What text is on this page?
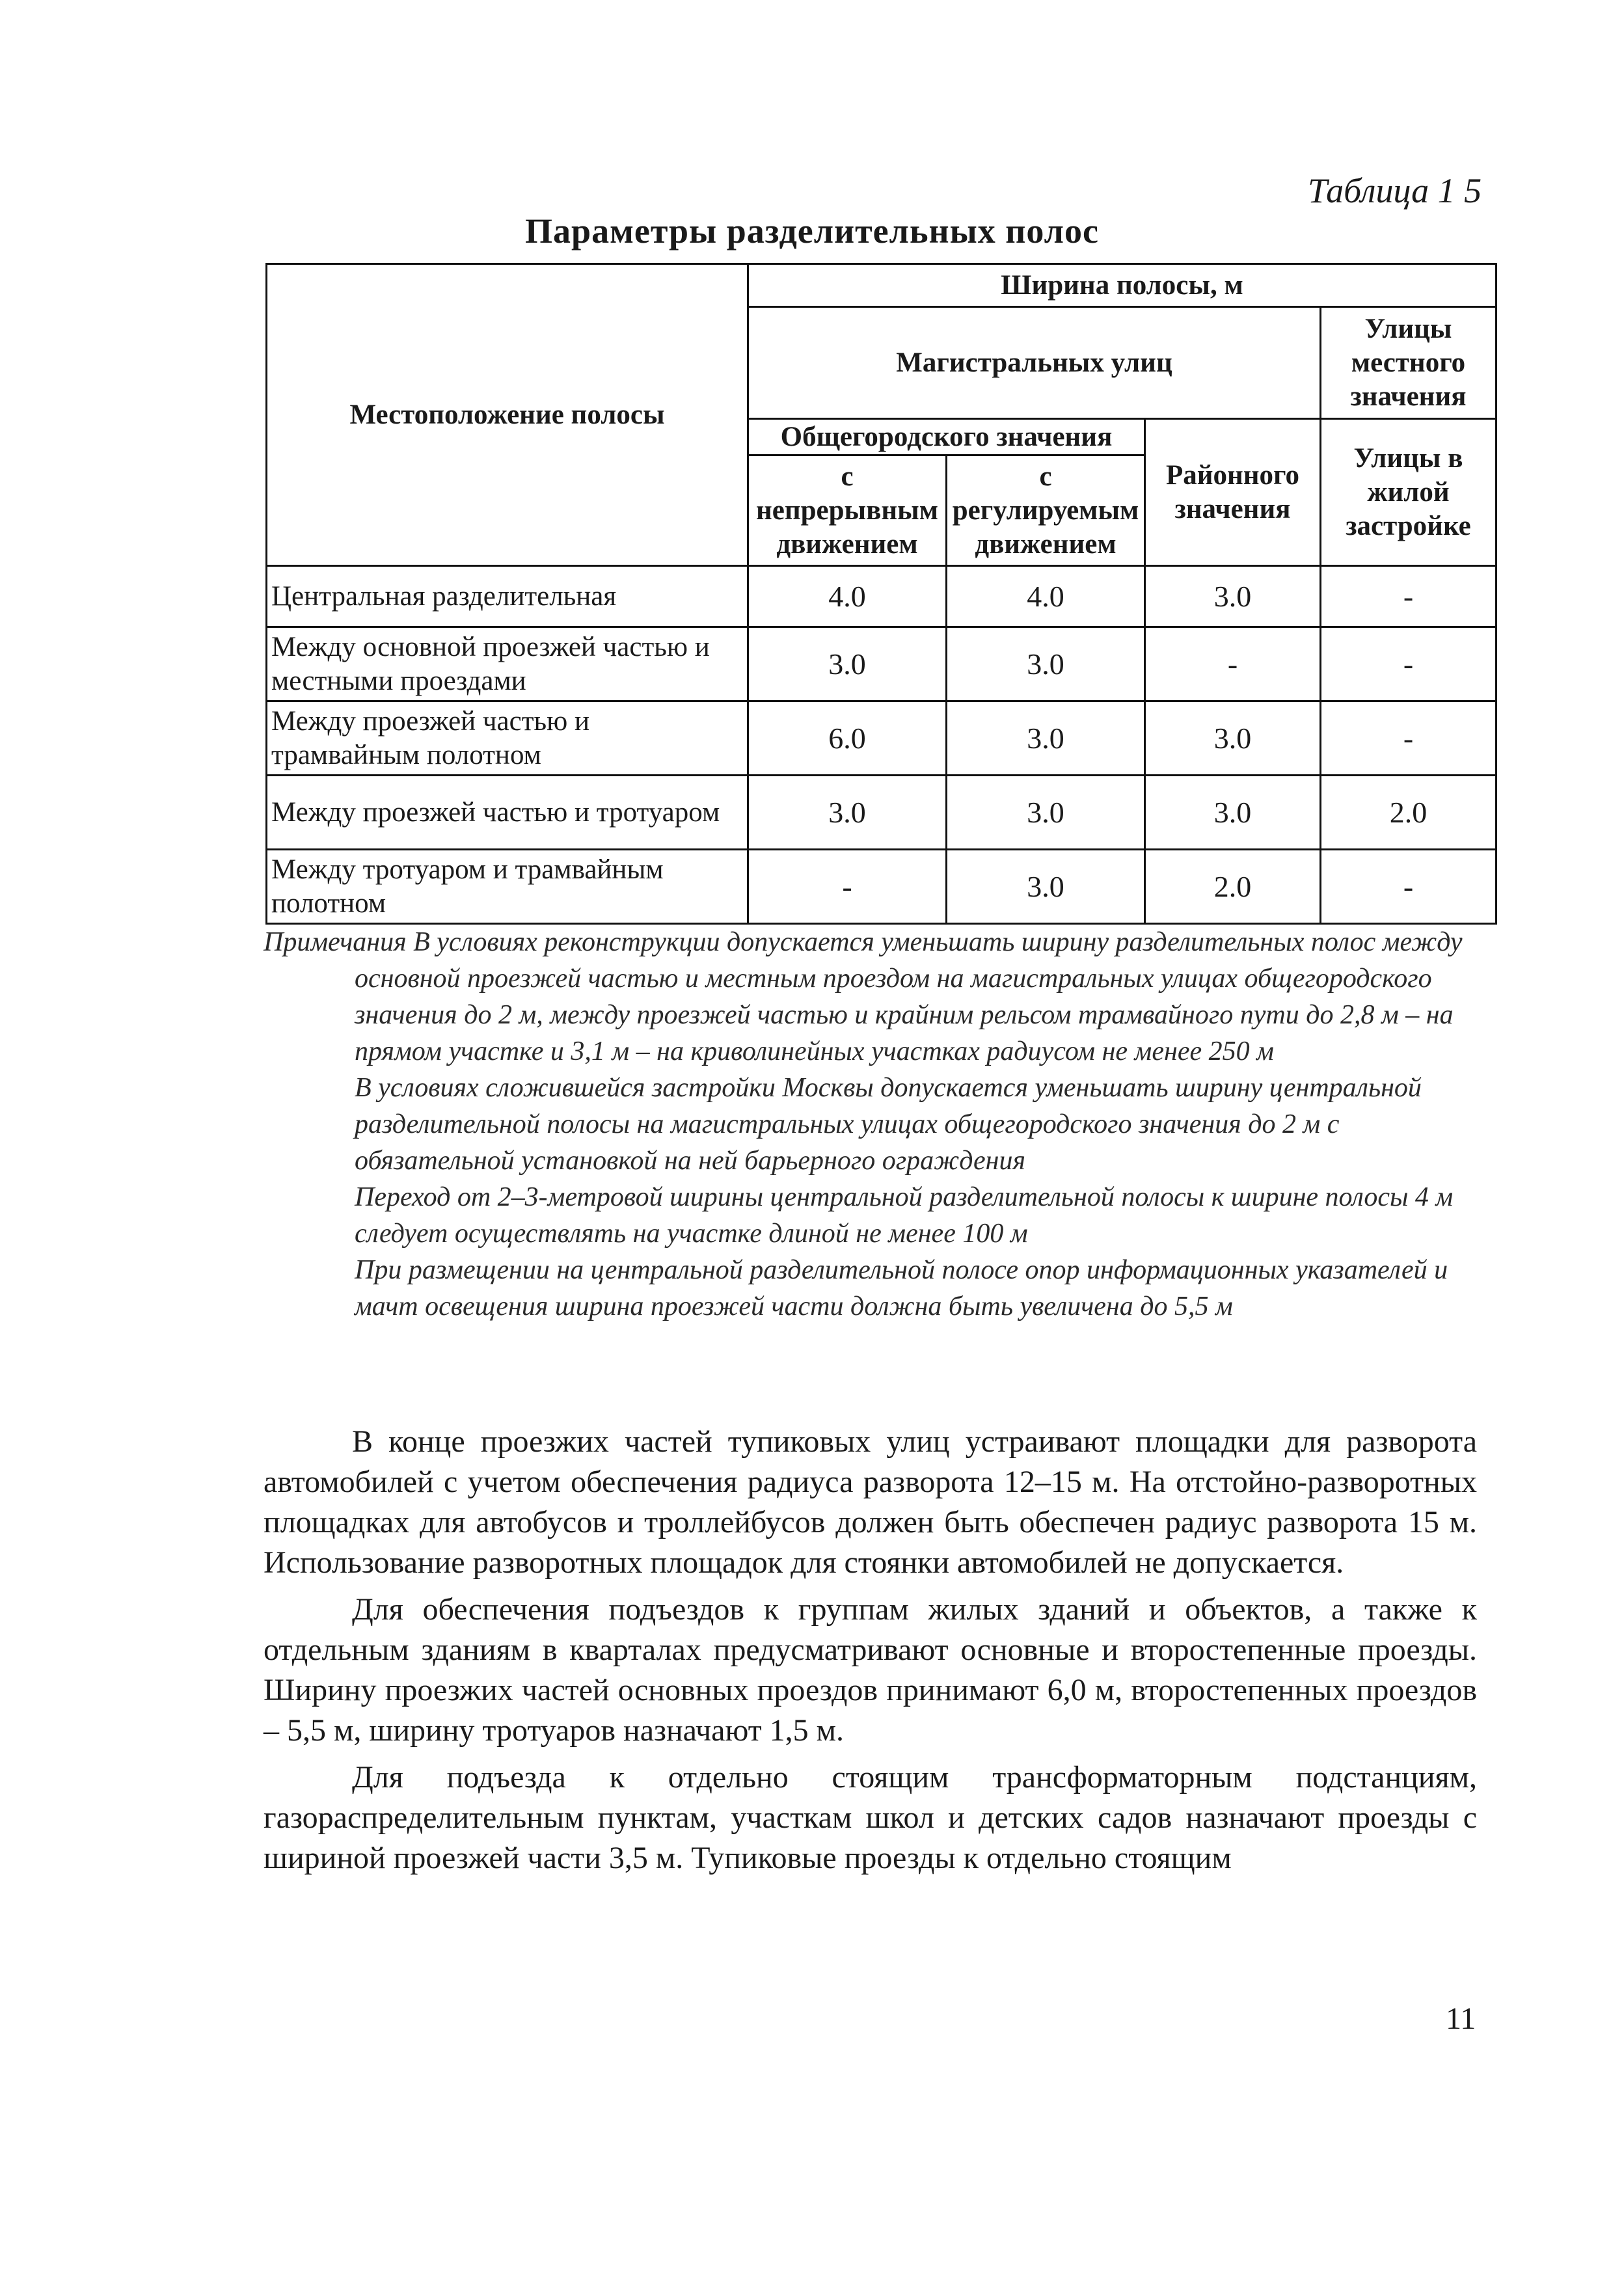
Таблица 1 5
Параметры разделительных полос
Местоположение полосы	Ширина полосы, м			
	Магистральных улиц			Улицы местного значения
	Общегородского значения		Районного значения	Улицы в жилой застройке
	с непрерывным движением	с регулируемым движением		
Центральная разделительная	4.0	4.0	3.0	-
Между основной проезжей частью и местными проездами	3.0	3.0	-	-
Между проезжей частью и трамвайным полотном	6.0	3.0	3.0	-
Между проезжей частью и тротуаром	3.0	3.0	3.0	2.0
Между тротуаром и трамвайным полотном	-	3.0	2.0	-

Примечания В условиях реконструкции допускается уменьшать ширину разделительных полос между основной проезжей частью и местным проездом на магистральных улицах общегородского значения до 2 м, между проезжей частью и крайним рельсом трамвайного пути до 2,8 м – на прямом участке и 3,1 м – на криволинейных участках радиусом не менее 250 м

В условиях сложившейся застройки Москвы допускается уменьшать ширину центральной разделительной полосы на магистральных улицах общегородского значения до 2 м с обязательной установкой на ней барьерного ограждения

Переход от 2–3-метровой ширины центральной разделительной полосы к ширине полосы 4 м следует осуществлять на участке длиной не менее 100 м

При размещении на центральной разделительной полосе опор информационных указателей и мачт освещения ширина проезжей части должна быть увеличена до 5,5 м

В конце проезжих частей тупиковых улиц устраивают площадки для разворота автомобилей с учетом обеспечения радиуса разворота 12–15 м. На отстойно-разворотных площадках для автобусов и троллейбусов должен быть обеспечен радиус разворота 15 м. Использование разворотных площадок для стоянки автомобилей не допускается.

Для обеспечения подъездов к группам жилых зданий и объектов, а также к отдельным зданиям в кварталах предусматривают основные и второстепенные проезды. Ширину проезжих частей основных проездов принимают 6,0 м, второстепенных проездов – 5,5 м, ширину тротуаров назначают 1,5 м.

Для подъезда к отдельно стоящим трансформаторным подстанциям, газораспределительным пунктам, участкам школ и детских садов назначают проезды с шириной проезжей части 3,5 м. Тупиковые проезды к отдельно стоящим

11
